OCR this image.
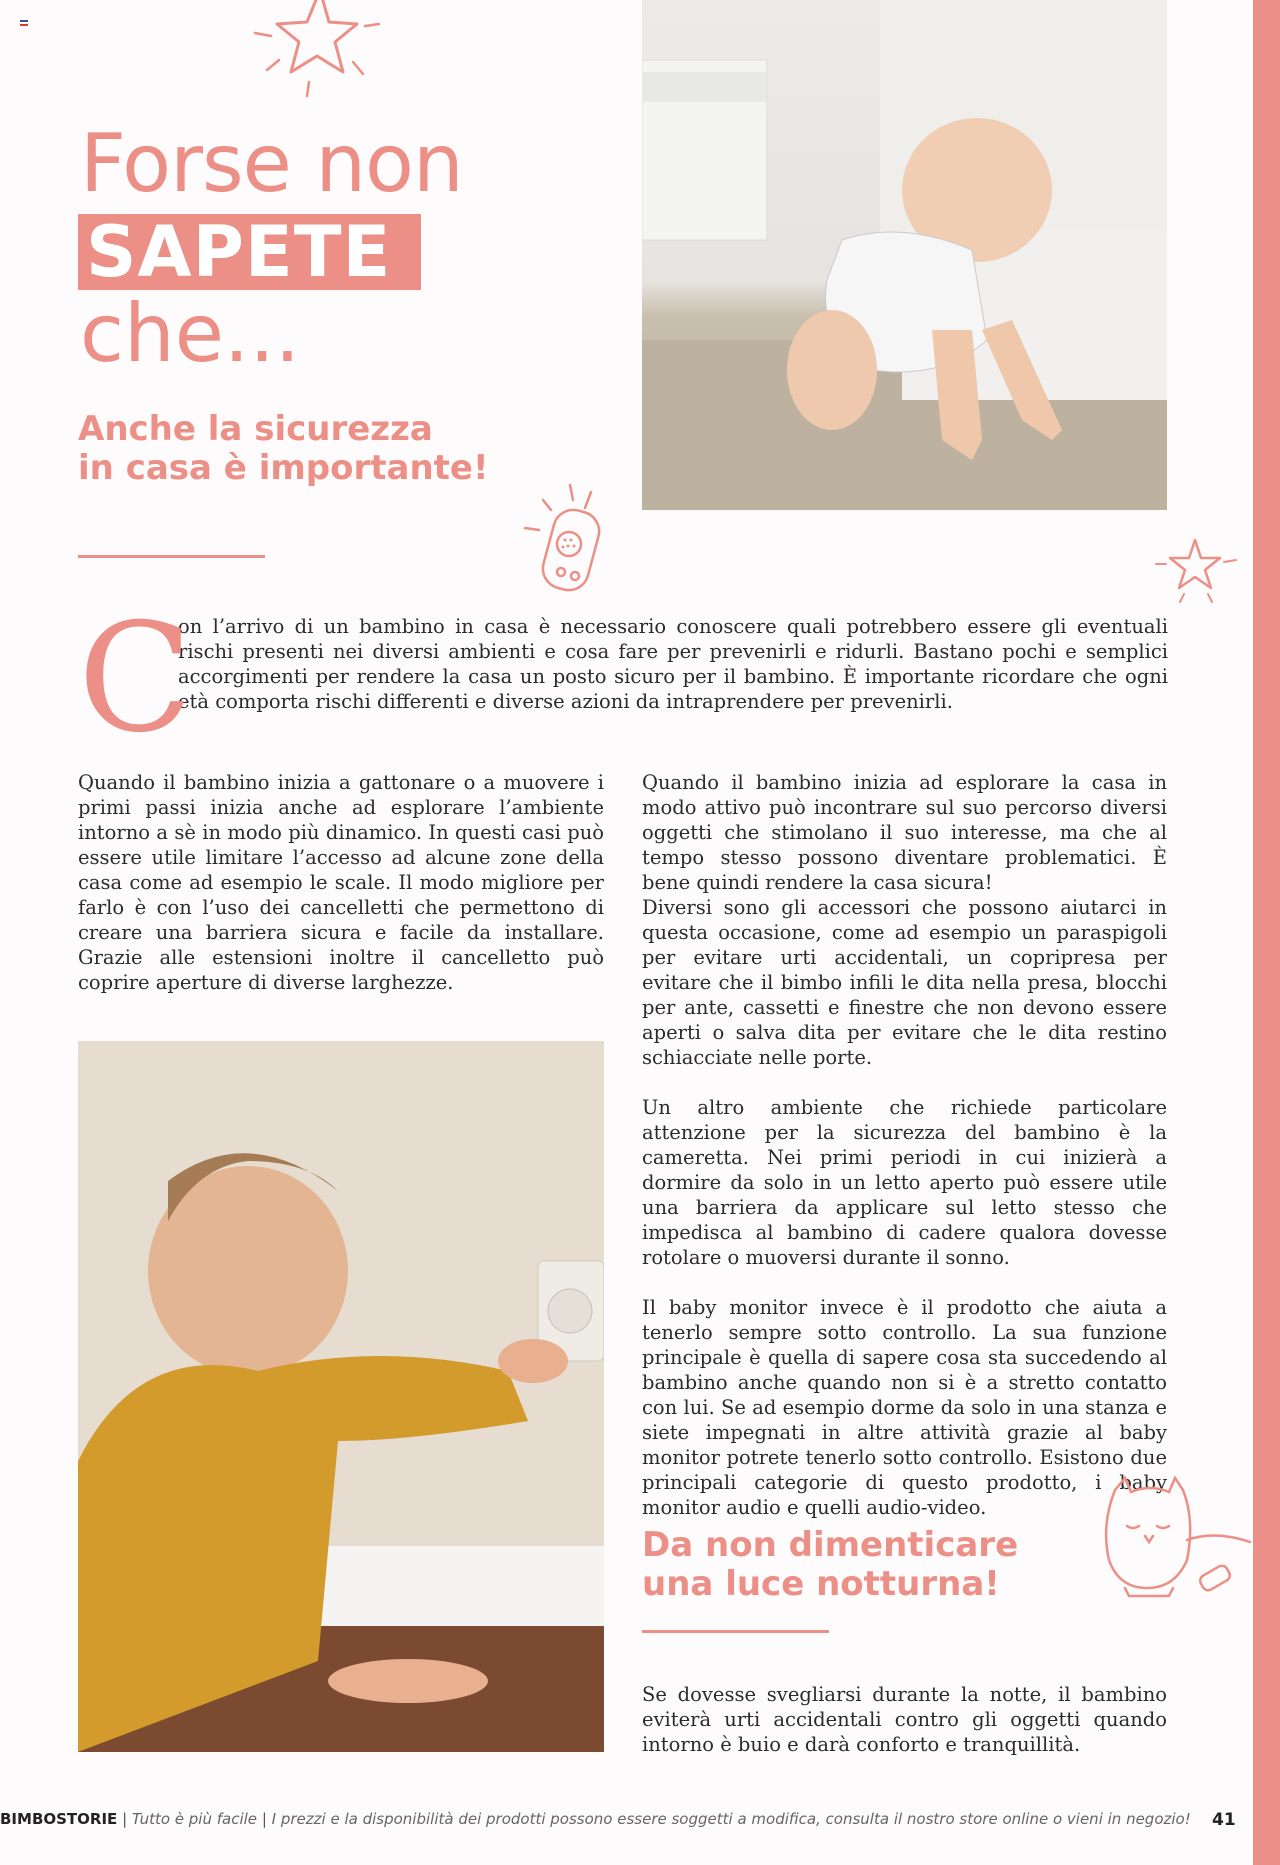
Forse non
SAPETE
che...
Anche la sicurezza
in casa è importante!
C

on l’arrivo di un bambino in casa è necessario conoscere quali potrebbero essere gli eventuali rischi presenti nei diversi ambienti e cosa fare per prevenirli e ridurli. Bastano pochi e semplici accorgimenti per rendere la casa un posto sicuro per il bambino. È importante ricordare che ogni età comporta rischi differenti e diverse azioni da intraprendere per prevenirli.

Quando il bambino inizia a gattonare o a muovere i primi passi inizia anche ad esplorare l’ambiente intorno a sè in modo più dinamico. In questi casi può essere utile limitare l’accesso ad alcune zone della casa come ad esempio le scale. Il modo migliore per farlo è con l’uso dei cancelletti che permettono di creare una barriera sicura e facile da installare. Grazie alle estensioni inoltre il cancelletto può coprire aperture di diverse larghezze.

Quando il bambino inizia ad esplorare la casa in modo attivo può incontrare sul suo percorso diversi oggetti che stimolano il suo interesse, ma che al tempo stesso possono diventare problematici. È bene quindi rendere la casa sicura!

Diversi sono gli accessori che possono aiutarci in questa occasione, come ad esempio un paraspigoli per evitare urti accidentali, un copripresa per evitare che il bimbo infili le dita nella presa, blocchi per ante, cassetti e finestre che non devono essere aperti o salva dita per evitare che le dita restino schiacciate nelle porte.

Un altro ambiente che richiede particolare attenzione per la sicurezza del bambino è la cameretta. Nei primi periodi in cui inizierà a dormire da solo in un letto aperto può essere utile una barriera da applicare sul letto stesso che impedisca al bambino di cadere qualora dovesse rotolare o muoversi durante il sonno.

Il baby monitor invece è il prodotto che aiuta a tenerlo sempre sotto controllo. La sua funzione principale è quella di sapere cosa sta succedendo al bambino anche quando non si è a stretto contatto con lui. Se ad esempio dorme da solo in una stanza e siete impegnati in altre attività grazie al baby monitor potrete tenerlo sotto controllo. Esistono due principali categorie di questo prodotto, i baby monitor audio e quelli audio-video.

Da non dimenticare
una luce notturna!

Se dovesse svegliarsi durante la notte, il bambino eviterà urti accidentali contro gli oggetti quando intorno è buio e darà conforto e tranquillità.

BIMBOSTORIE | Tutto è più facile | I prezzi e la disponibilità dei prodotti possono essere soggetti a modifica, consulta il nostro store online o vieni in negozio! 41
